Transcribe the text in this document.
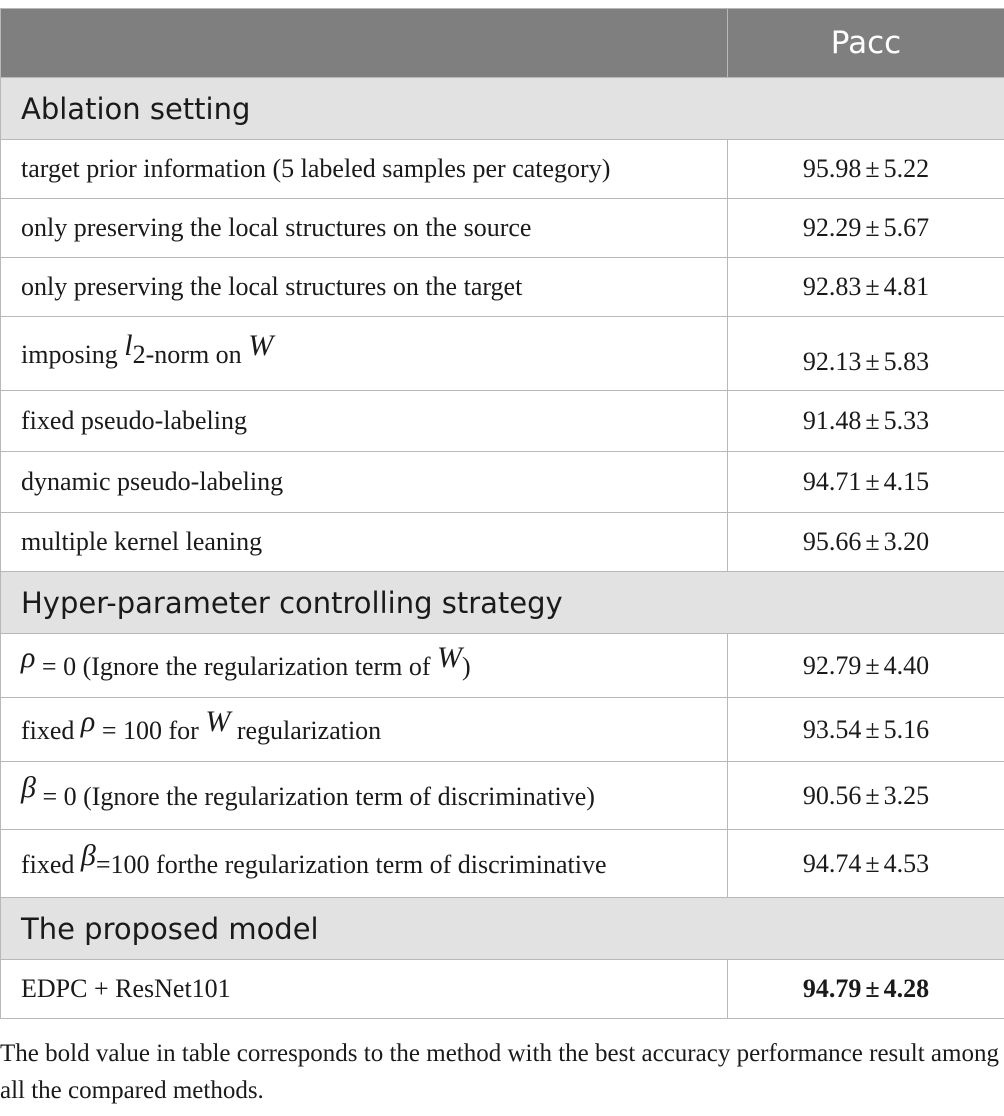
	Pacc
Ablation setting	
target prior information (5 labeled samples per category)	95.98 ± 5.22
only preserving the local structures on the source	92.29 ± 5.67
only preserving the local structures on the target	92.83 ± 4.81
imposing l2-norm on W	92.13 ± 5.83
fixed pseudo-labeling	91.48 ± 5.33
dynamic pseudo-labeling	94.71 ± 4.15
multiple kernel leaning	95.66 ± 3.20
Hyper-parameter controlling strategy	
ρ = 0 (Ignore the regularization term of W)	92.79 ± 4.40
fixed ρ = 100 for W regularization	93.54 ± 5.16
β = 0 (Ignore the regularization term of discriminative)	90.56 ± 3.25
fixed β=100 forthe regularization term of discriminative	94.74 ± 4.53
The proposed model	
EDPC + ResNet101	94.79 ± 4.28
The bold value in table corresponds to the method with the best accuracy performance result among all the compared methods.
